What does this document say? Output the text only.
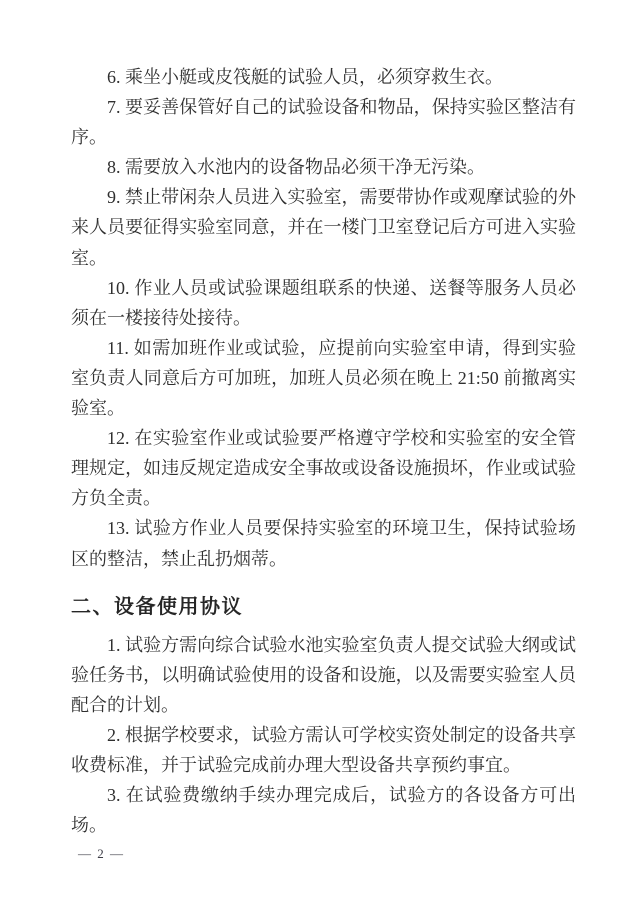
6. 乘坐小艇或皮筏艇的试验人员，必须穿救生衣。

7. 要妥善保管好自己的试验设备和物品，保持实验区整洁有序。

8. 需要放入水池内的设备物品必须干净无污染。

9. 禁止带闲杂人员进入实验室，需要带协作或观摩试验的外来人员要征得实验室同意，并在一楼门卫室登记后方可进入实验室。

10. 作业人员或试验课题组联系的快递、送餐等服务人员必须在一楼接待处接待。

11. 如需加班作业或试验，应提前向实验室申请，得到实验室负责人同意后方可加班，加班人员必须在晚上 21:50 前撤离实验室。

12. 在实验室作业或试验要严格遵守学校和实验室的安全管理规定，如违反规定造成安全事故或设备设施损坏，作业或试验方负全责。

13. 试验方作业人员要保持实验室的环境卫生，保持试验场区的整洁，禁止乱扔烟蒂。

二、设备使用协议

1. 试验方需向综合试验水池实验室负责人提交试验大纲或试验任务书，以明确试验使用的设备和设施，以及需要实验室人员配合的计划。

2. 根据学校要求，试验方需认可学校实资处制定的设备共享收费标准，并于试验完成前办理大型设备共享预约事宜。

3. 在试验费缴纳手续办理完成后，试验方的各设备方可出场。

— 2 —
